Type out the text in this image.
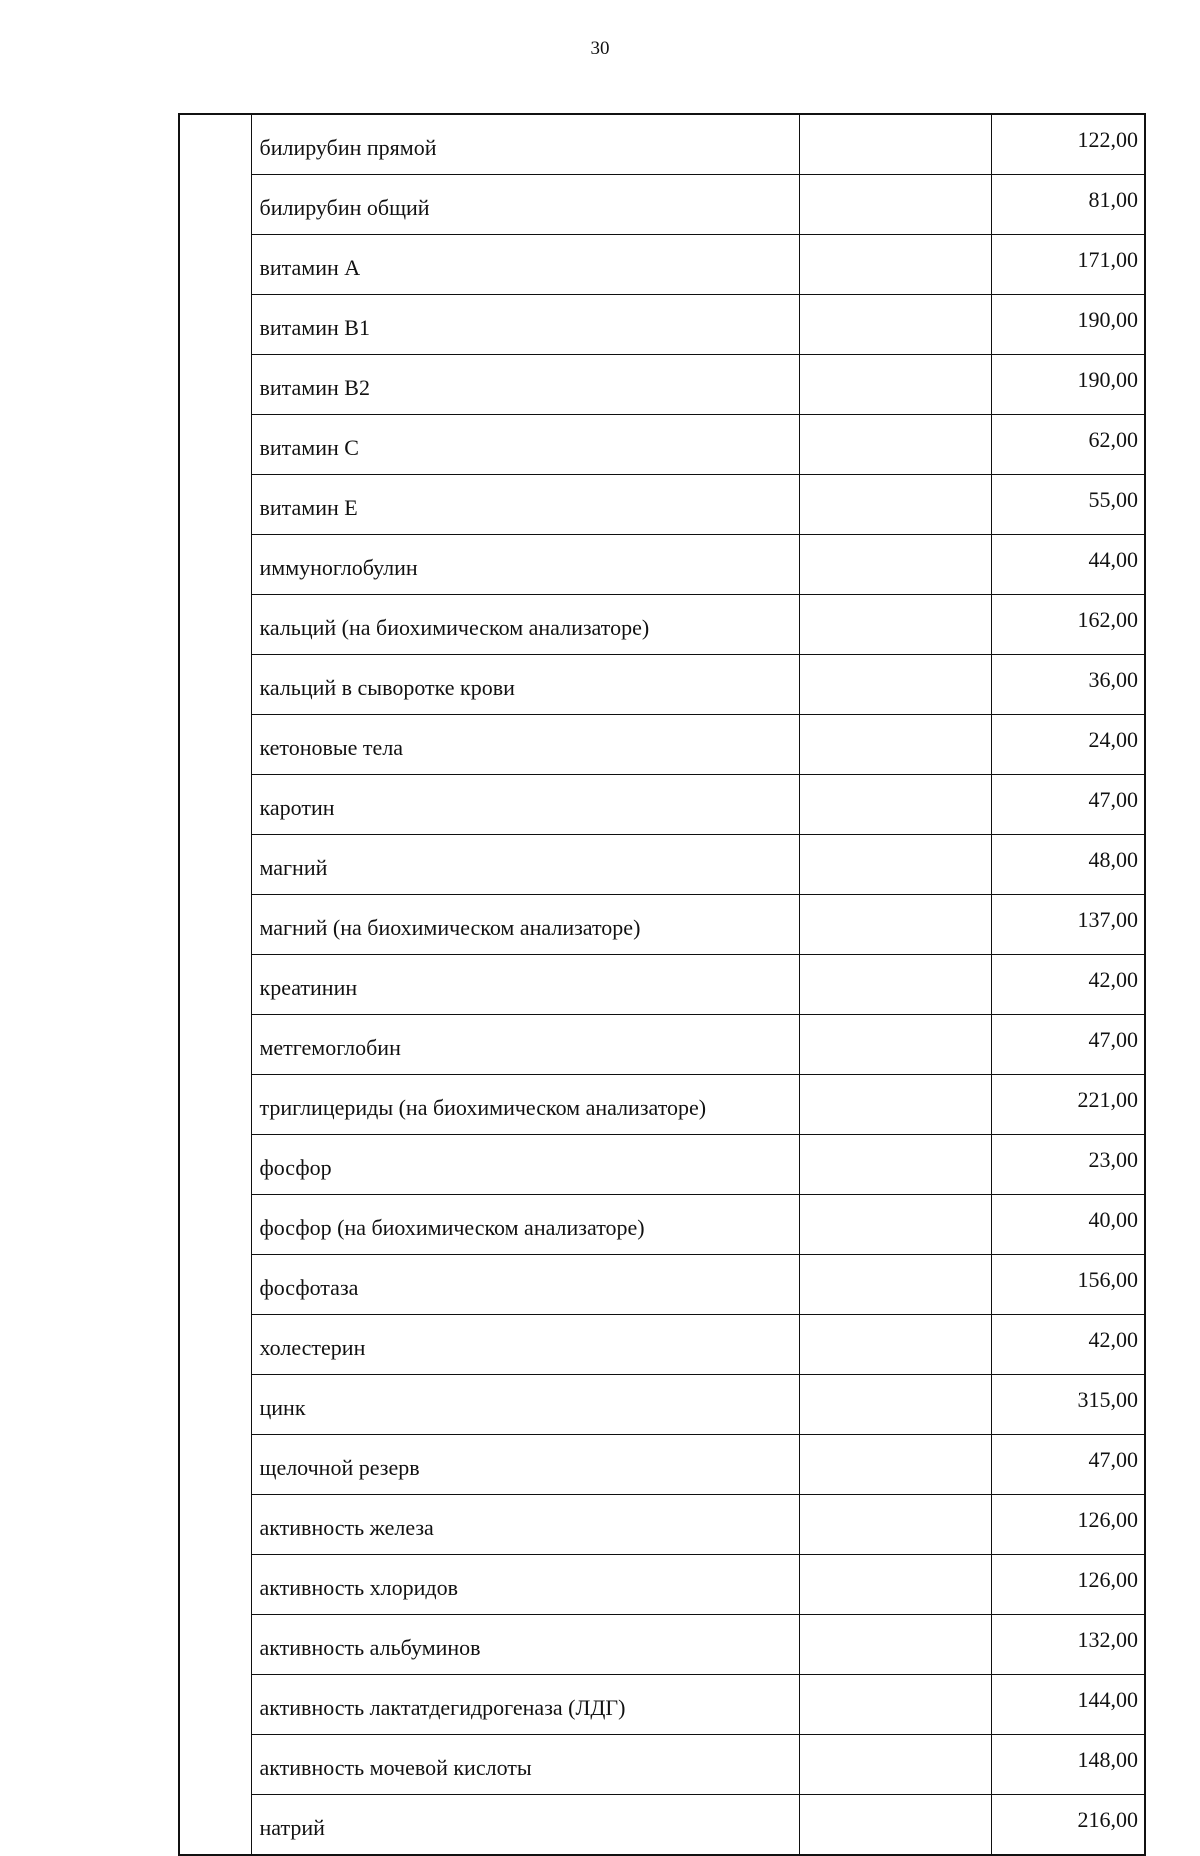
30
	билирубин прямой		122,00
	билирубин общий		81,00
	витамин А		171,00
	витамин В1		190,00
	витамин В2		190,00
	витамин С		62,00
	витамин Е		55,00
	иммуноглобулин		44,00
	кальций (на биохимическом анализаторе)		162,00
	кальций в сыворотке крови		36,00
	кетоновые тела		24,00
	каротин		47,00
	магний		48,00
	магний (на биохимическом анализаторе)		137,00
	креатинин		42,00
	метгемоглобин		47,00
	триглицериды (на биохимическом анализаторе)		221,00
	фосфор		23,00
	фосфор (на биохимическом анализаторе)		40,00
	фосфотаза		156,00
	холестерин		42,00
	цинк		315,00
	щелочной резерв		47,00
	активность железа		126,00
	активность хлоридов		126,00
	активность альбуминов		132,00
	активность лактатдегидрогеназа (ЛДГ)		144,00
	активность мочевой кислоты		148,00
	натрий		216,00
